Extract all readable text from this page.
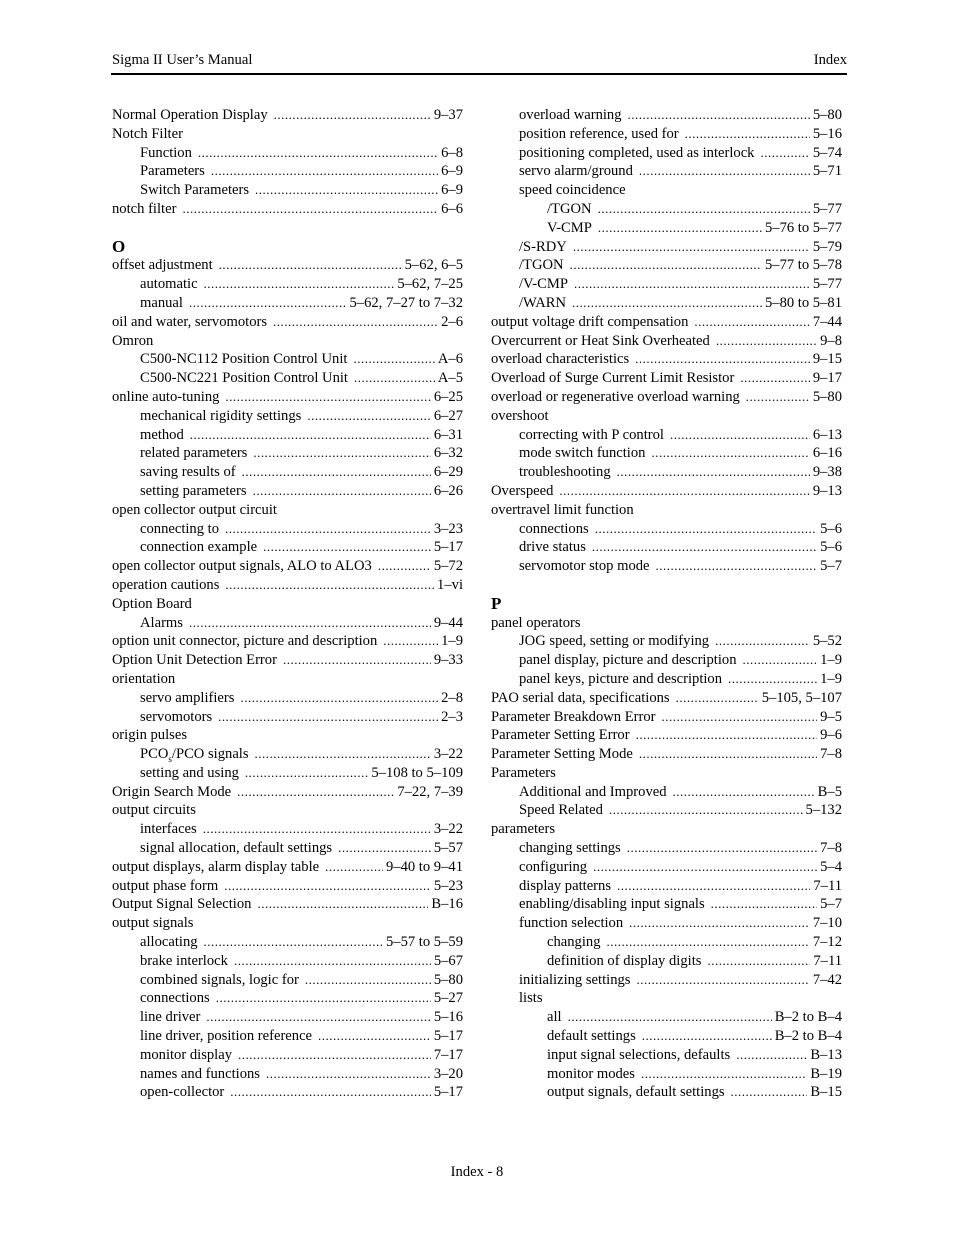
Sigma II User’s Manual	Index
Normal Operation Display .....	9–37
Notch Filter
Function .....	6–8
Parameters .....	6–9
Switch Parameters .....	6–9
notch filter .....	6–6
O
offset adjustment .....	5–62, 6–5
automatic .....	5–62, 7–25
manual .....	5–62, 7–27 to 7–32
oil and water, servomotors .....	2–6
Omron
C500-NC112 Position Control Unit .....	A–6
C500-NC221 Position Control Unit .....	A–5
online auto-tuning .....	6–25
mechanical rigidity settings .....	6–27
method .....	6–31
related parameters .....	6–32
saving results of .....	6–29
setting parameters .....	6–26
open collector output circuit
connecting to .....	3–23
connection example .....	5–17
open collector output signals, ALO to ALO3 .....	5–72
operation cautions .....	1–vi
Option Board
Alarms .....	9–44
option unit connector, picture and description .....	1–9
Option Unit Detection Error .....	9–33
orientation
servo amplifiers .....	2–8
servomotors .....	2–3
origin pulses
$PCO_s$/PCO signals .....	3–22
setting and using .....	5–108 to 5–109
Origin Search Mode .....	7–22, 7–39
output circuits
interfaces .....	3–22
signal allocation, default settings .....	5–57
output displays, alarm display table .....	9–40 to 9–41
output phase form .....	5–23
Output Signal Selection .....	B–16
output signals
allocating .....	5–57 to 5–59
brake interlock .....	5–67
combined signals, logic for .....	5–80
connections .....	5–27
line driver .....	5–16
line driver, position reference .....	5–17
monitor display .....	7–17
names and functions .....	3–20
open-collector .....	5–17
overload warning .....	5–80
position reference, used for .....	5–16
positioning completed, used as interlock .....	5–74
servo alarm/ground .....	5–71
speed coincidence
/TGON .....	5–77
V-CMP .....	5–76 to 5–77
/S-RDY .....	5–79
/TGON .....	5–77 to 5–78
/V-CMP .....	5–77
/WARN .....	5–80 to 5–81
output voltage drift compensation .....	7–44
Overcurrent or Heat Sink Overheated .....	9–8
overload characteristics .....	9–15
Overload of Surge Current Limit Resistor .....	9–17
overload or regenerative overload warning .....	5–80
overshoot
correcting with P control .....	6–13
mode switch function .....	6–16
troubleshooting .....	9–38
Overspeed .....	9–13
overtravel limit function
connections .....	5–6
drive status .....	5–6
servomotor stop mode .....	5–7
P
panel operators
JOG speed, setting or modifying .....	5–52
panel display, picture and description .....	1–9
panel keys, picture and description .....	1–9
PAO serial data, specifications .....	5–105, 5–107
Parameter Breakdown Error .....	9–5
Parameter Setting Error .....	9–6
Parameter Setting Mode .....	7–8
Parameters
Additional and Improved .....	B–5
Speed Related .....	5–132
parameters
changing settings .....	7–8
configuring .....	5–4
display patterns .....	7–11
enabling/disabling input signals .....	5–7
function selection .....	7–10
changing .....	7–12
definition of display digits .....	7–11
initializing settings .....	7–42
lists
all .....	B–2 to B–4
default settings .....	B–2 to B–4
input signal selections, defaults .....	B–13
monitor modes .....	B–19
output signals, default settings .....	B–15
Index - 8
